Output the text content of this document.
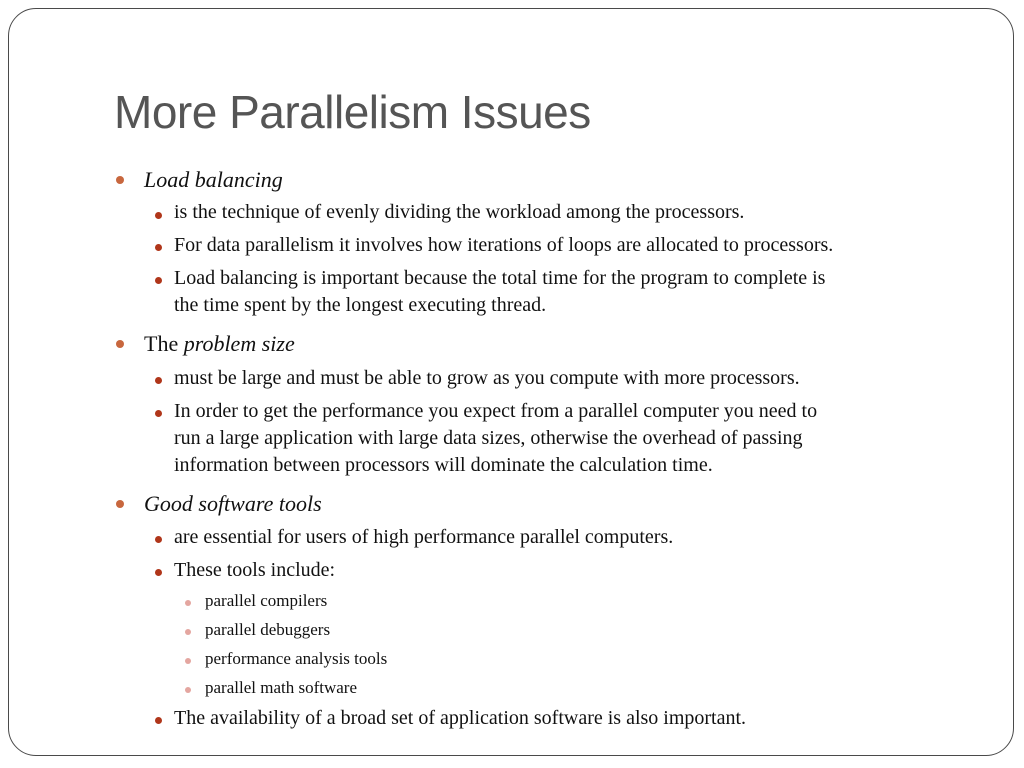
More Parallelism Issues
Load balancing
is the technique of evenly dividing the workload among the processors.
For data parallelism it involves how iterations of loops are allocated to processors.
Load balancing is important because the total time for the program to complete is
the time spent by the longest executing thread.
The problem size
must be large and must be able to grow as you compute with more processors.
In order to get the performance you expect from a parallel computer you need to
run a large application with large data sizes, otherwise the overhead of passing
information between processors will dominate the calculation time.
Good software tools
are essential for users of high performance parallel computers.
These tools include:
parallel compilers
parallel debuggers
performance analysis tools
parallel math software
The availability of a broad set of application software is also important.
